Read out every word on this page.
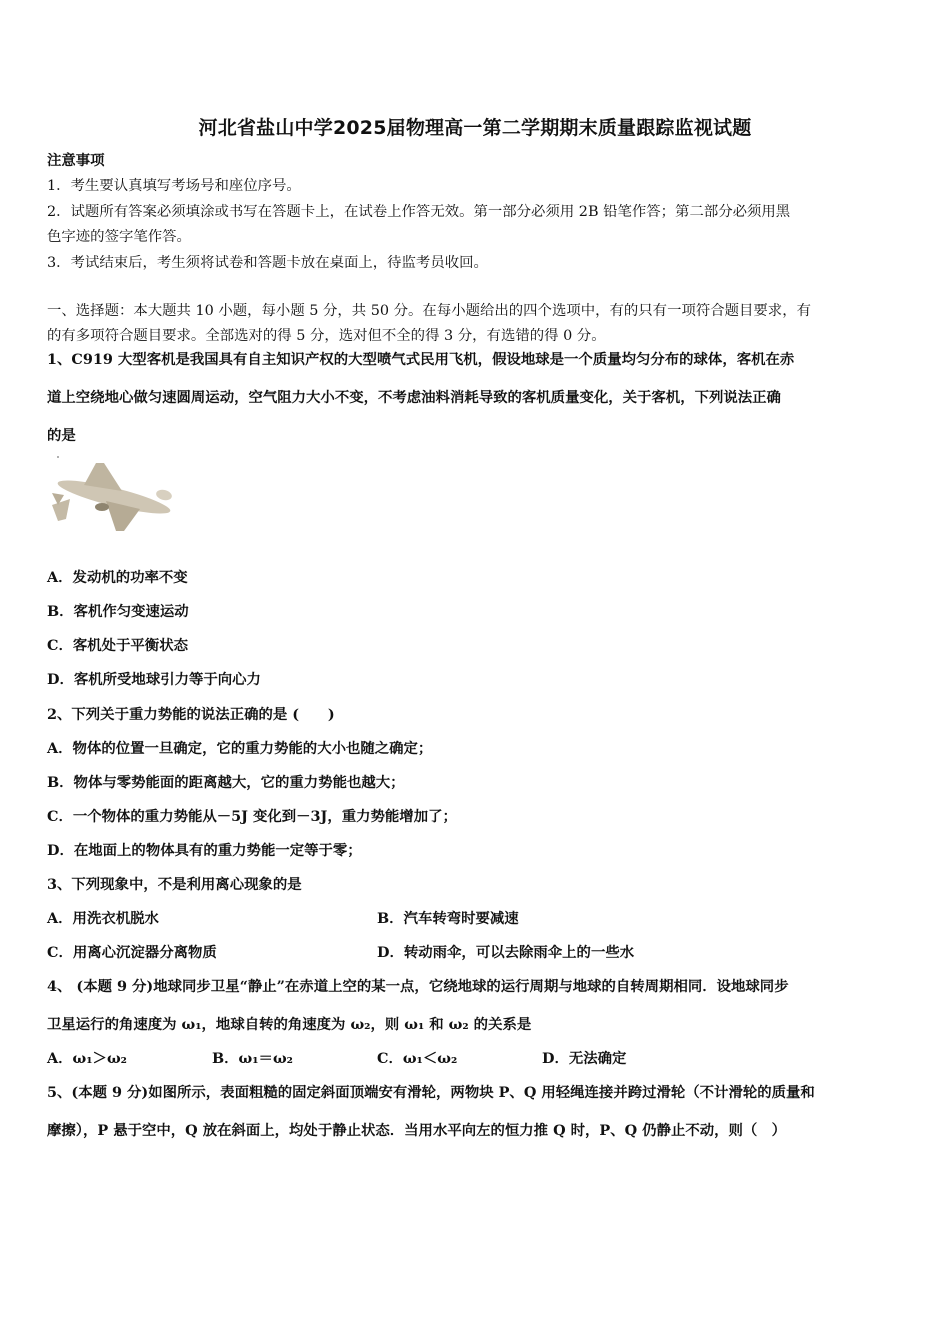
河北省盐山中学2025届物理高一第二学期期末质量跟踪监视试题
注意事项
1．考生要认真填写考场号和座位序号。
2．试题所有答案必须填涂或书写在答题卡上，在试卷上作答无效。第一部分必须用 2B 铅笔作答；第二部分必须用黑
色字迹的签字笔作答。
3．考试结束后，考生须将试卷和答题卡放在桌面上，待监考员收回。
一、选择题：本大题共 10 小题，每小题 5 分，共 50 分。在每小题给出的四个选项中，有的只有一项符合题目要求，有
的有多项符合题目要求。全部选对的得 5 分，选对但不全的得 3 分，有选错的得 0 分。
1、C919 大型客机是我国具有自主知识产权的大型喷气式民用飞机，假设地球是一个质量均匀分布的球体，客机在赤
道上空绕地心做匀速圆周运动，空气阻力大小不变，不考虑油料消耗导致的客机质量变化，关于客机，下列说法正确
的是
A．发动机的功率不变
B．客机作匀变速运动
C．客机处于平衡状态
D．客机所受地球引力等于向心力
2、下列关于重力势能的说法正确的是 (　　)
A．物体的位置一旦确定，它的重力势能的大小也随之确定；
B．物体与零势能面的距离越大，它的重力势能也越大；
C．一个物体的重力势能从－5J 变化到－3J，重力势能增加了；
D．在地面上的物体具有的重力势能一定等于零；
3、下列现象中，不是利用离心现象的是
A．用洗衣机脱水	B．汽车转弯时要减速
C．用离心沉淀器分离物质	D．转动雨伞，可以去除雨伞上的一些水
4、 (本题 9 分)地球同步卫星“静止”在赤道上空的某一点，它绕地球的运行周期与地球的自转周期相同．设地球同步
卫星运行的角速度为 ω₁，地球自转的角速度为 ω₂，则 ω₁ 和 ω₂ 的关系是
A．ω₁＞ω₂	B．ω₁＝ω₂	C．ω₁＜ω₂	D．无法确定
5、(本题 9 分)如图所示，表面粗糙的固定斜面顶端安有滑轮，两物块 P、Q 用轻绳连接并跨过滑轮（不计滑轮的质量和
摩擦），P 悬于空中，Q 放在斜面上，均处于静止状态．当用水平向左的恒力推 Q 时，P、Q 仍静止不动，则（　）
